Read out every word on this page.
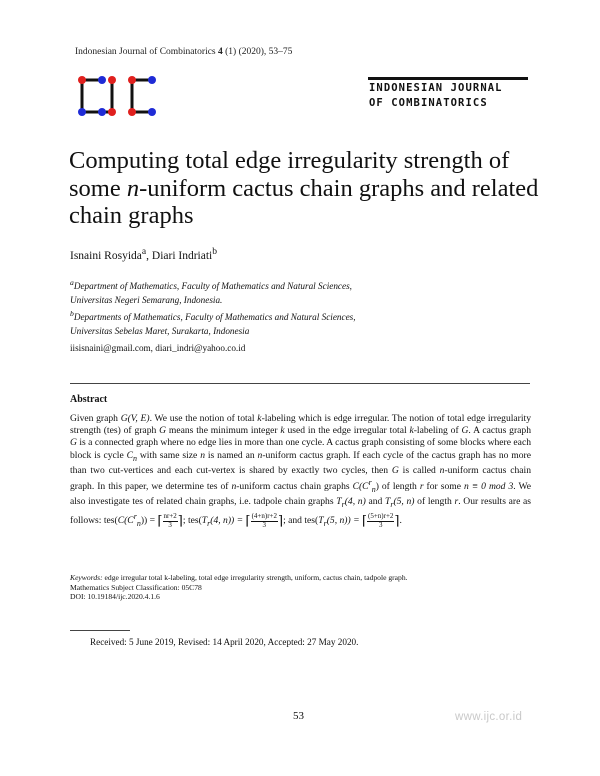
Indonesian Journal of Combinatorics 4 (1) (2020), 53–75
INDONESIAN JOURNAL
OF COMBINATORICS
Computing total edge irregularity strength of some n-uniform cactus chain graphs and related chain graphs
Isnaini Rosyida$^a$, Diari Indriati$^b$
$^a$Department of Mathematics, Faculty of Mathematics and Natural Sciences,
Universitas Negeri Semarang, Indonesia.
$^b$Departments of Mathematics, Faculty of Mathematics and Natural Sciences,
Universitas Sebelas Maret, Surakarta, Indonesia
iisisnaini@gmail.com, diari_indri@yahoo.co.id
Abstract
Given graph G(V, E). We use the notion of total k-labeling which is edge irregular. The notion of total edge irregularity strength (tes) of graph G means the minimum integer k used in the edge irregular total k-labeling of G. A cactus graph G is a connected graph where no edge lies in more than one cycle. A cactus graph consisting of some blocks where each block is cycle $C_n$ with same size n is named an n-uniform cactus graph. If each cycle of the cactus graph has no more than two cut-vertices and each cut-vertex is shared by exactly two cycles, then G is called n-uniform cactus chain graph. In this paper, we determine tes of n-uniform cactus chain graphs $C(C^r_n)$ of length r for some n ≡ 0 mod 3. We also investigate tes of related chain graphs, i.e. tadpole chain graphs $T_r(4$, n) and $T_r(5$, n) of length r. Our results are as follows: $tes(C(C^r_n))$ = ⌈ $\frac{nr+2}{3}$ ⌉; $tes(T_r(4$, n)) = ⌈ $\frac{(4+n)r+2}{3}$ ⌉; and $tes(T_r(5$, n)) = ⌈ $\frac{(5+n)r+2}{3}$ ⌉.
Keywords: edge irregular total k-labeling, total edge irregularity strength, uniform, cactus chain, tadpole graph.
Mathematics Subject Classification: 05C78
DOI: 10.19184/ijc.2020.4.1.6
Received: 5 June 2019, Revised: 14 April 2020, Accepted: 27 May 2020.
53	www.ijc.or.id
